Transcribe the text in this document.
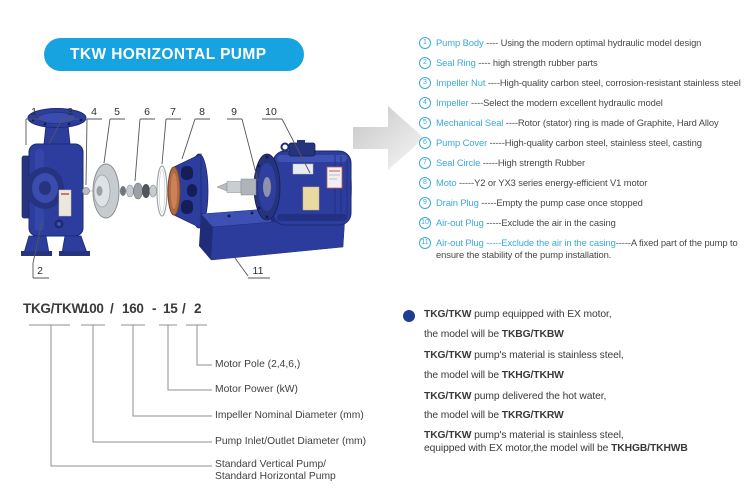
TKW HORIZONTAL PUMP
1	3 4 5 6 7 8 9	10
2	11
1 Pump Body ---- Using the modern optimal hydraulic model design
2 Seal Ring ---- high strength rubber parts
3 Impeller Nut ----High-quality carbon steel, corrosion-resistant stainless steel
4 Impeller ----Select the modern excellent hydraulic model
5 Mechanical Seal ----Rotor (stator) ring is made of Graphite, Hard Alloy
6 Pump Cover -----High-quality carbon steel, stainless steel, casting
7 Seal Circle -----High strength Rubber
8 Moto -----Y2 or YX3 series energy-efficient V1 motor
9 Drain Plug -----Empty the pump case once stopped
10 Air-out Plug -----Exclude the air in the casing
11 Air-out Plug -----Exclude the air in the casing-----A fixed part of the pump to ensure the stability of the pump installation.
TKG/TKW
100 / 160 - 15 / 2
Motor Pole (2,4,6,)
Motor Power (kW)
Impeller Nominal Diameter (mm)
Pump Inlet/Outlet Diameter (mm)
Standard Vertical Pump/
Standard Horizontal Pump
TKG/TKW pump equipped with EX motor,
the model will be TKBG/TKBW
TKG/TKW pump's material is stainless steel,
the model will be TKHG/TKHW
TKG/TKW pump delivered the hot water,
the model will be TKRG/TKRW
TKG/TKW pump's material is stainless steel,
equipped with EX motor,the model will be TKHGB/TKHWB
